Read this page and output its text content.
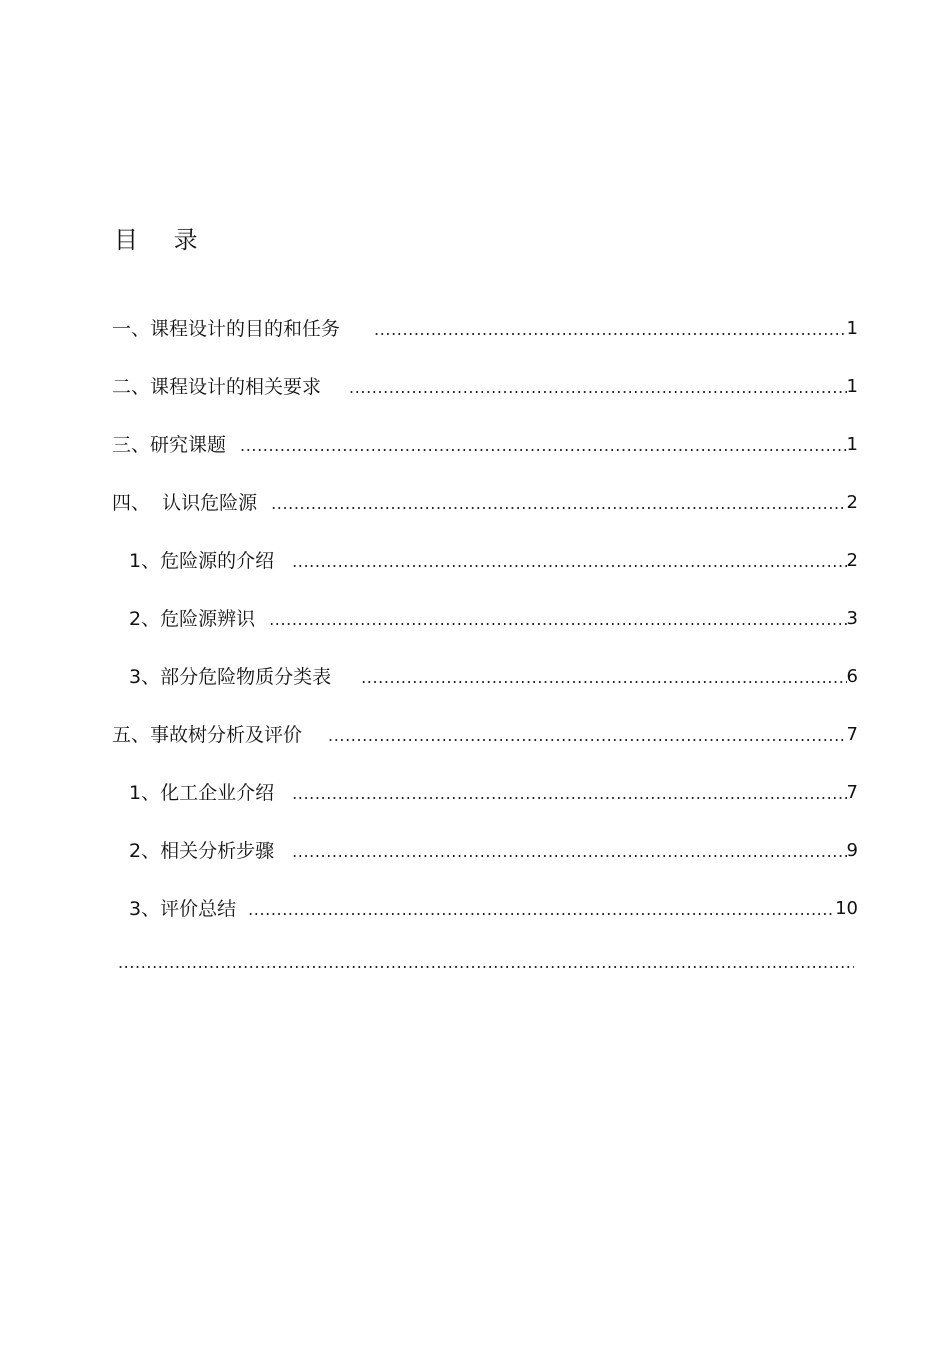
目 录
一、课程设计的目的和任务 .....	1
二、课程设计的相关要求 .....	1
三、研究课题 .....	1
四、  认识危险源 .....	2
1、危险源的介绍 .....	2
2、危险源辨识 .....	3
3、部分危险物质分类表 .....	6
五、事故树分析及评价 .....	7
1、化工企业介绍 .....	7
2、相关分析步骤 .....	9
3、评价总结 .....	10
.....
